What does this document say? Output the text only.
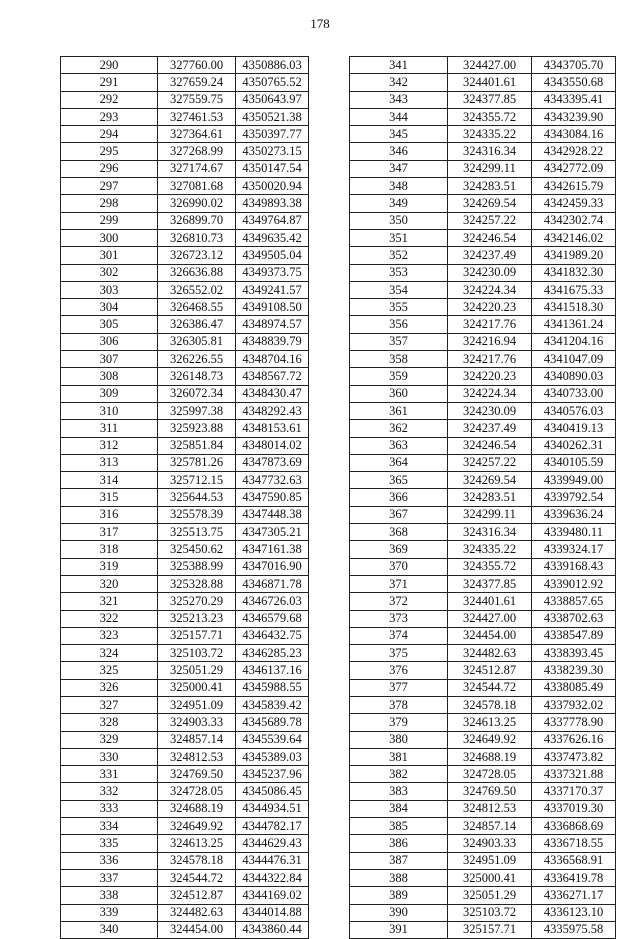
178
290	327760.00	4350886.03
291	327659.24	4350765.52
292	327559.75	4350643.97
293	327461.53	4350521.38
294	327364.61	4350397.77
295	327268.99	4350273.15
296	327174.67	4350147.54
297	327081.68	4350020.94
298	326990.02	4349893.38
299	326899.70	4349764.87
300	326810.73	4349635.42
301	326723.12	4349505.04
302	326636.88	4349373.75
303	326552.02	4349241.57
304	326468.55	4349108.50
305	326386.47	4348974.57
306	326305.81	4348839.79
307	326226.55	4348704.16
308	326148.73	4348567.72
309	326072.34	4348430.47
310	325997.38	4348292.43
311	325923.88	4348153.61
312	325851.84	4348014.02
313	325781.26	4347873.69
314	325712.15	4347732.63
315	325644.53	4347590.85
316	325578.39	4347448.38
317	325513.75	4347305.21
318	325450.62	4347161.38
319	325388.99	4347016.90
320	325328.88	4346871.78
321	325270.29	4346726.03
322	325213.23	4346579.68
323	325157.71	4346432.75
324	325103.72	4346285.23
325	325051.29	4346137.16
326	325000.41	4345988.55
327	324951.09	4345839.42
328	324903.33	4345689.78
329	324857.14	4345539.64
330	324812.53	4345389.03
331	324769.50	4345237.96
332	324728.05	4345086.45
333	324688.19	4344934.51
334	324649.92	4344782.17
335	324613.25	4344629.43
336	324578.18	4344476.31
337	324544.72	4344322.84
338	324512.87	4344169.02
339	324482.63	4344014.88
340	324454.00	4343860.44
341	324427.00	4343705.70
342	324401.61	4343550.68
343	324377.85	4343395.41
344	324355.72	4343239.90
345	324335.22	4343084.16
346	324316.34	4342928.22
347	324299.11	4342772.09
348	324283.51	4342615.79
349	324269.54	4342459.33
350	324257.22	4342302.74
351	324246.54	4342146.02
352	324237.49	4341989.20
353	324230.09	4341832.30
354	324224.34	4341675.33
355	324220.23	4341518.30
356	324217.76	4341361.24
357	324216.94	4341204.16
358	324217.76	4341047.09
359	324220.23	4340890.03
360	324224.34	4340733.00
361	324230.09	4340576.03
362	324237.49	4340419.13
363	324246.54	4340262.31
364	324257.22	4340105.59
365	324269.54	4339949.00
366	324283.51	4339792.54
367	324299.11	4339636.24
368	324316.34	4339480.11
369	324335.22	4339324.17
370	324355.72	4339168.43
371	324377.85	4339012.92
372	324401.61	4338857.65
373	324427.00	4338702.63
374	324454.00	4338547.89
375	324482.63	4338393.45
376	324512.87	4338239.30
377	324544.72	4338085.49
378	324578.18	4337932.02
379	324613.25	4337778.90
380	324649.92	4337626.16
381	324688.19	4337473.82
382	324728.05	4337321.88
383	324769.50	4337170.37
384	324812.53	4337019.30
385	324857.14	4336868.69
386	324903.33	4336718.55
387	324951.09	4336568.91
388	325000.41	4336419.78
389	325051.29	4336271.17
390	325103.72	4336123.10
391	325157.71	4335975.58
